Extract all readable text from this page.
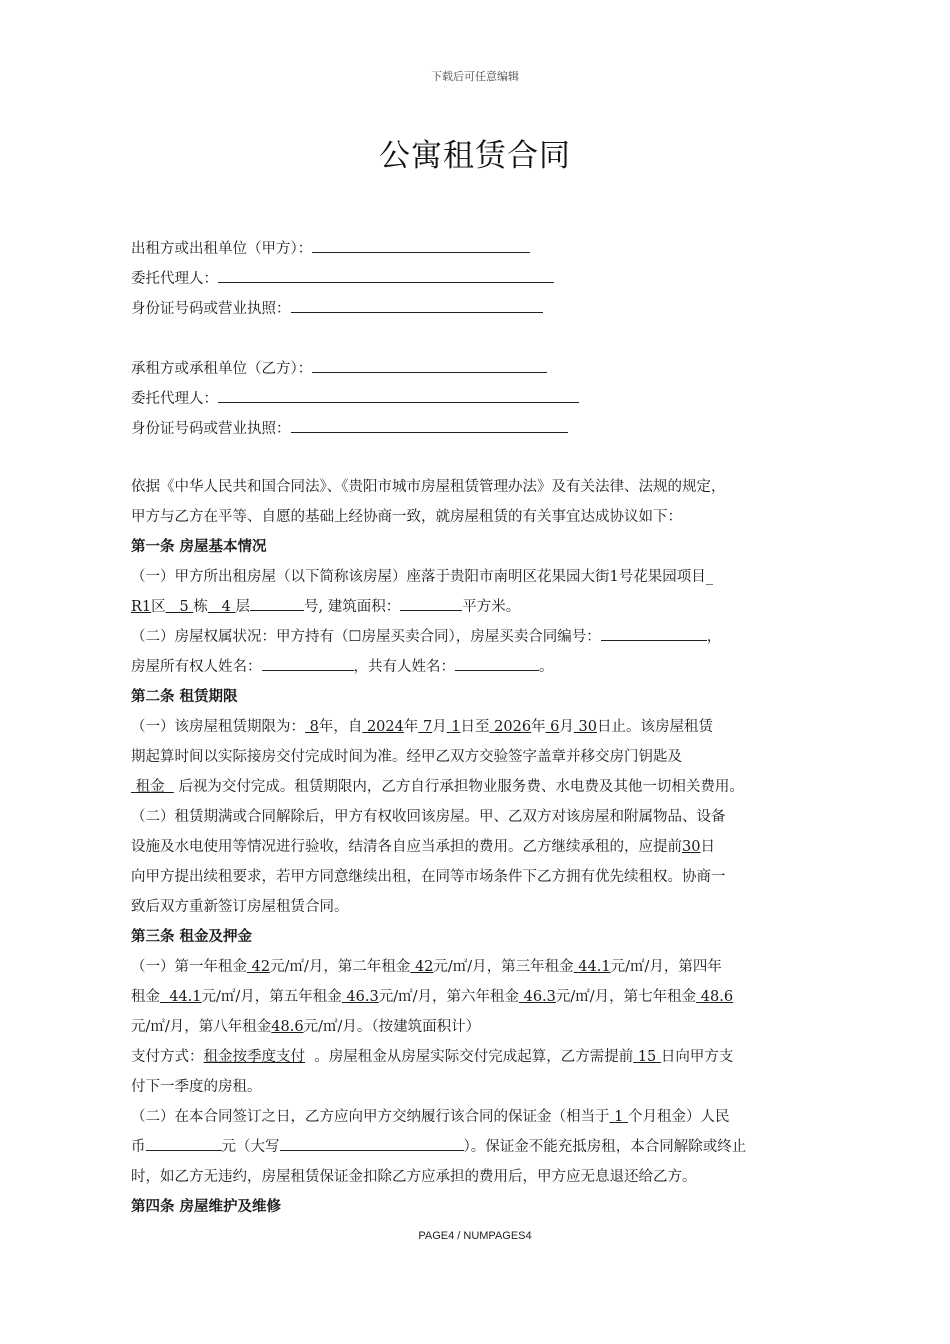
下载后可任意编辑
公寓租赁合同
出租方或出租单位（甲方）：
委托代理人：
身份证号码或营业执照：
承租方或承租单位（乙方）：
委托代理人：
身份证号码或营业执照：
依据《中华人民共和国合同法》、《贵阳市城市房屋租赁管理办法》及有关法律、法规的规定，
甲方与乙方在平等、自愿的基础上经协商一致，就房屋租赁的有关事宜达成协议如下：
第一条 房屋基本情况
（一）甲方所出租房屋（以下简称该房屋）座落于贵阳市南明区花果园大街1号花果园项目_
R1区 5 栋 4 层	号, 建筑面积：	平方米。
（二）房屋权属状况：甲方持有（☐房屋买卖合同），房屋买卖合同编号：	，
房屋所有权人姓名：	，共有人姓名：	。
第二条 租赁期限
（一）该房屋租赁期限为： 8年，自 2024年 7月 1日至 2026年 6月 30日止。该房屋租赁
期起算时间以实际接房交付完成时间为准。经甲乙双方交验签字盖章并移交房门钥匙及
租金 后视为交付完成。租赁期限内，乙方自行承担物业服务费、水电费及其他一切相关费用。
（二）租赁期满或合同解除后，甲方有权收回该房屋。甲、乙双方对该房屋和附属物品、设备
设施及水电使用等情况进行验收，结清各自应当承担的费用。乙方继续承租的，应提前30日
向甲方提出续租要求，若甲方同意继续出租，在同等市场条件下乙方拥有优先续租权。协商一
致后双方重新签订房屋租赁合同。
第三条 租金及押金
（一）第一年租金 42元/㎡/月，第二年租金 42元/㎡/月，第三年租金 44.1元/㎡/月，第四年
租金 44.1元/㎡/月，第五年租金 46.3元/㎡/月，第六年租金 46.3元/㎡/月，第七年租金 48.6
元/㎡/月，第八年租金48.6元/㎡/月。（按建筑面积计）
支付方式：租金按季度支付 。房屋租金从房屋实际交付完成起算，乙方需提前 15 日向甲方支
付下一季度的房租。
（二）在本合同签订之日，乙方应向甲方交纳履行该合同的保证金（相当于 1 个月租金）人民
币	元（大写	）。保证金不能充抵房租，本合同解除或终止
时，如乙方无违约，房屋租赁保证金扣除乙方应承担的费用后，甲方应无息退还给乙方。
第四条 房屋维护及维修
PAGE4 / NUMPAGES4
